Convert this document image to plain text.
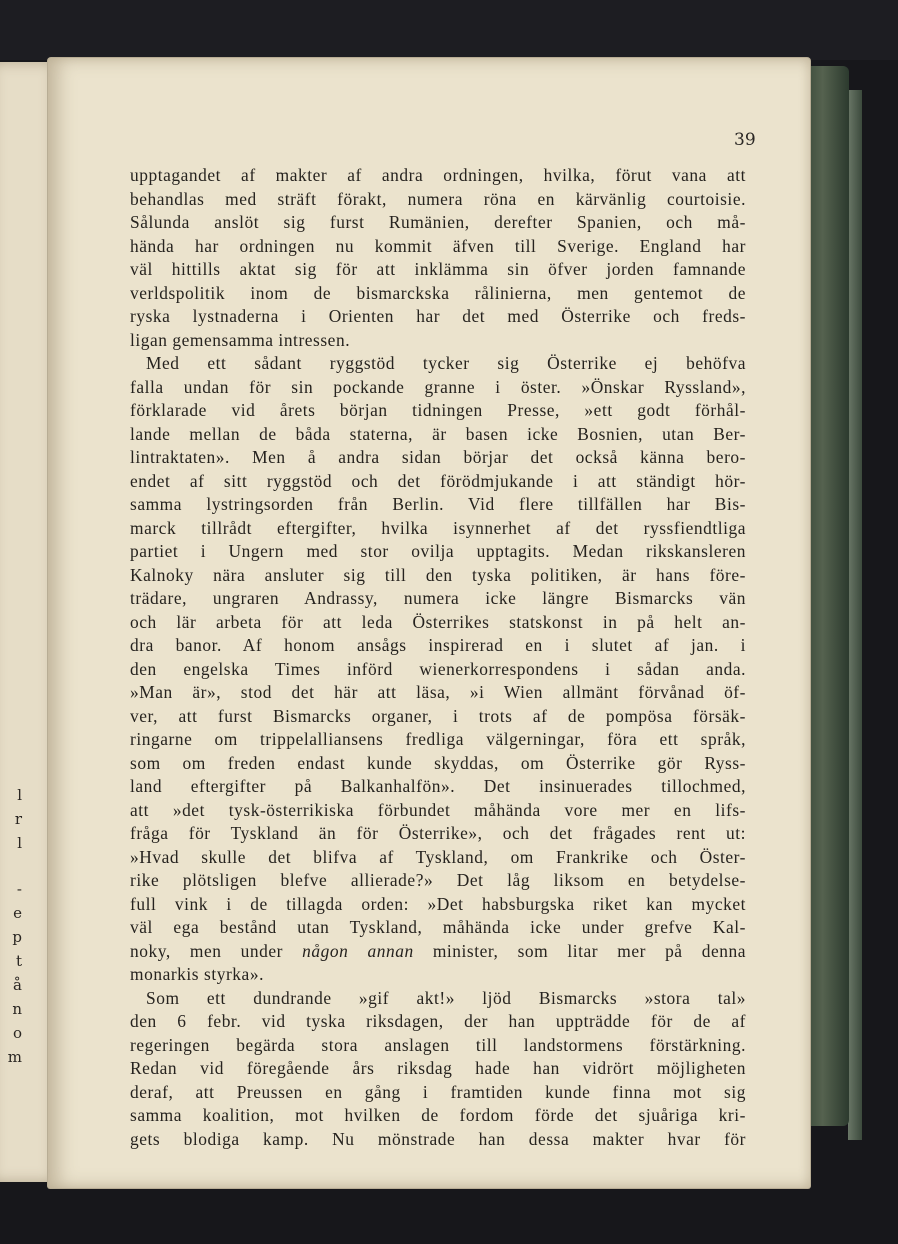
l
r
l
-
e
p
t
å
n
o
m
39
upptagandet af makter af andra ordningen, hvilka, förut vana att
behandlas med sträft förakt, numera röna en kärvänlig courtoisie.
Sålunda anslöt sig furst Rumänien, derefter Spanien, och må-
hända har ordningen nu kommit äfven till Sverige. England har
väl hittills aktat sig för att inklämma sin öfver jorden famnande
verldspolitik inom de bismarckska rålinierna, men gentemot de
ryska lystnaderna i Orienten har det med Österrike och freds-
ligan gemensamma intressen.
Med ett sådant ryggstöd tycker sig Österrike ej behöfva
falla undan för sin pockande granne i öster. »Önskar Ryssland»,
förklarade vid årets början tidningen Presse, »ett godt förhål-
lande mellan de båda staterna, är basen icke Bosnien, utan Ber-
lintraktaten». Men å andra sidan börjar det också känna bero-
endet af sitt ryggstöd och det förödmjukande i att ständigt hör-
samma lystringsorden från Berlin. Vid flere tillfällen har Bis-
marck tillrådt eftergifter, hvilka isynnerhet af det ryssfiendtliga
partiet i Ungern med stor ovilja upptagits. Medan rikskansleren
Kalnoky nära ansluter sig till den tyska politiken, är hans före-
trädare, ungraren Andrassy, numera icke längre Bismarcks vän
och lär arbeta för att leda Österrikes statskonst in på helt an-
dra banor. Af honom ansågs inspirerad en i slutet af jan. i
den engelska Times införd wienerkorrespondens i sådan anda.
»Man är», stod det här att läsa, »i Wien allmänt förvånad öf-
ver, att furst Bismarcks organer, i trots af de pompösa försäk-
ringarne om trippelalliansens fredliga välgerningar, föra ett språk,
som om freden endast kunde skyddas, om Österrike gör Ryss-
land eftergifter på Balkanhalfön». Det insinuerades tillochmed,
att »det tysk-österrikiska förbundet måhända vore mer en lifs-
fråga för Tyskland än för Österrike», och det frågades rent ut:
»Hvad skulle det blifva af Tyskland, om Frankrike och Öster-
rike plötsligen blefve allierade?» Det låg liksom en betydelse-
full vink i de tillagda orden: »Det habsburgska riket kan mycket
väl ega bestånd utan Tyskland, måhända icke under grefve Kal-
noky, men under någon annan minister, som litar mer på denna
monarkis styrka».
Som ett dundrande »gif akt!» ljöd Bismarcks »stora tal»
den 6 febr. vid tyska riksdagen, der han uppträdde för de af
regeringen begärda stora anslagen till landstormens förstärkning.
Redan vid föregående års riksdag hade han vidrört möjligheten
deraf, att Preussen en gång i framtiden kunde finna mot sig
samma koalition, mot hvilken de fordom förde det sjuåriga kri-
gets blodiga kamp. Nu mönstrade han dessa makter hvar för
